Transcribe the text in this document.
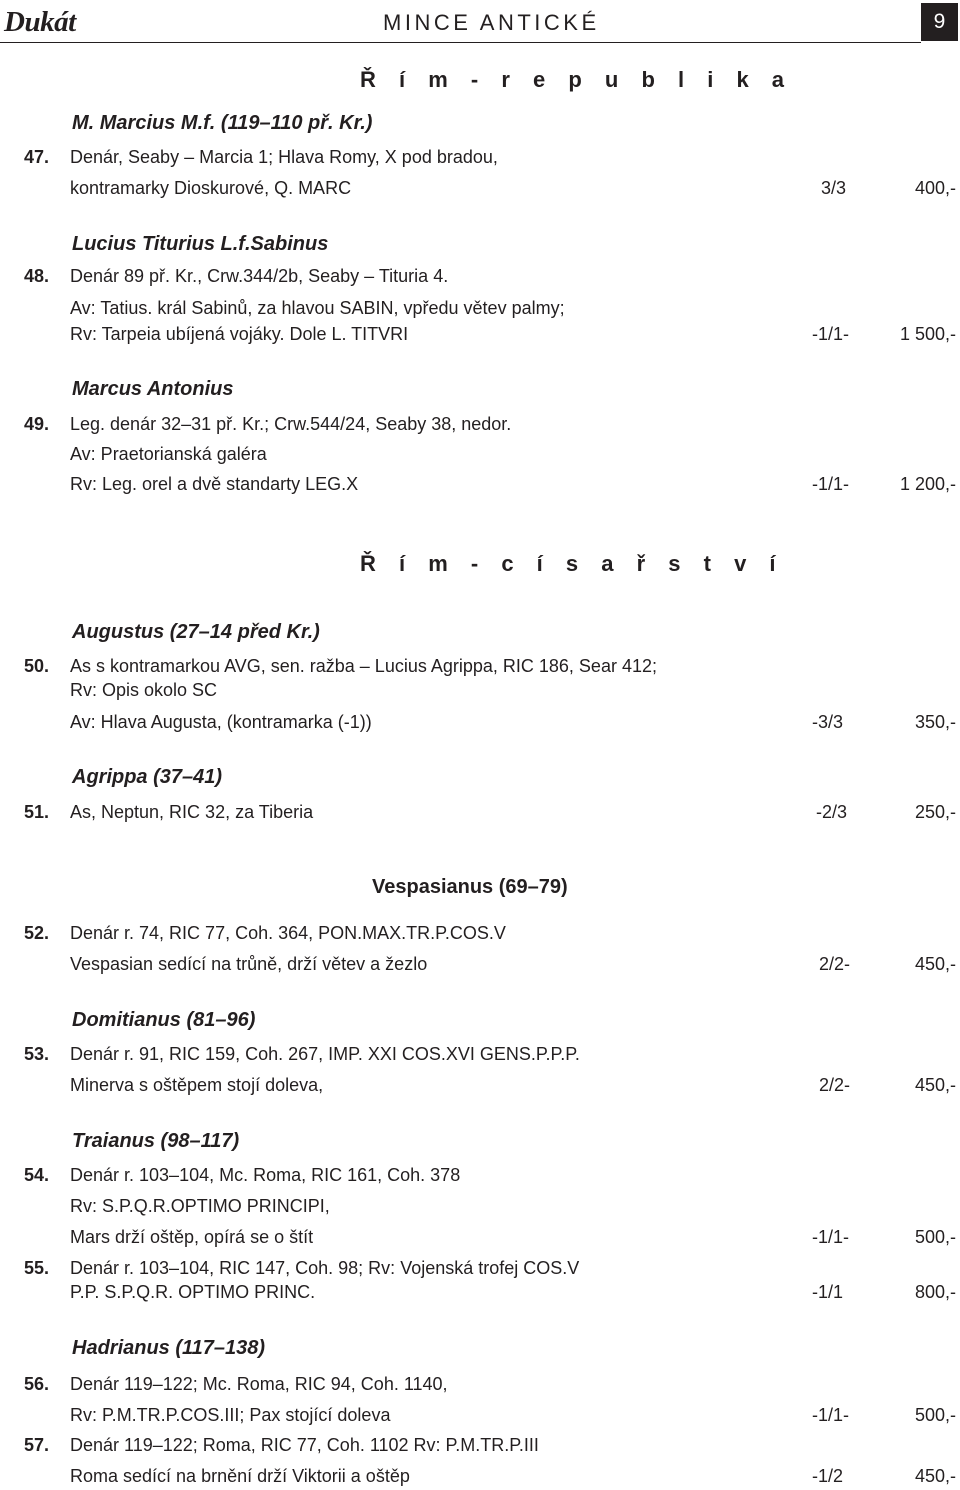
Dukát	MINCE ANTICKÉ	9
Ř í m - r e p u b l i k a
M. Marcius M.f. (119–110 př. Kr.)
47. Denár, Seaby – Marcia 1; Hlava Romy, X pod bradou,
kontramarky Dioskurové, Q. MARC	3/3	400,-
Lucius Titurius L.f.Sabinus
48. Denár 89 př. Kr., Crw.344/2b, Seaby – Tituria 4.
Av: Tatius. král Sabinů, za hlavou SABIN, vpředu větev palmy;
Rv: Tarpeia ubíjená vojáky. Dole L. TITVRI	-1/1-	1 500,-
Marcus Antonius
49. Leg. denár 32–31 př. Kr.; Crw.544/24, Seaby 38, nedor.
Av: Praetorianská galéra
Rv: Leg. orel a dvě standarty LEG.X	-1/1-	1 200,-
Ř í m - c í s a ř s t v í
Augustus (27–14 před Kr.)
50. As s kontramarkou AVG, sen. ražba – Lucius Agrippa, RIC 186, Sear 412;
Rv: Opis okolo SC
Av: Hlava Augusta, (kontramarka (-1))	-3/3	350,-
Agrippa (37–41)
51. As, Neptun, RIC 32, za Tiberia	-2/3	250,-
Vespasianus (69–79)
52. Denár r. 74, RIC 77, Coh. 364, PON.MAX.TR.P.COS.V
Vespasian sedící na trůně, drží větev a žezlo	2/2-	450,-
Domitianus (81–96)
53. Denár r. 91, RIC 159, Coh. 267, IMP. XXI COS.XVI GENS.P.P.P.
Minerva s oštěpem stojí doleva,	2/2-	450,-
Traianus (98–117)
54. Denár r. 103–104, Mc. Roma, RIC 161, Coh. 378
Rv: S.P.Q.R.OPTIMO PRINCIPI,
Mars drží oštěp, opírá se o štít	-1/1-	500,-
55. Denár r. 103–104, RIC 147, Coh. 98; Rv: Vojenská trofej COS.V
P.P. S.P.Q.R. OPTIMO PRINC.	-1/1	800,-
Hadrianus (117–138)
56. Denár 119–122; Mc. Roma, RIC 94, Coh. 1140,
Rv: P.M.TR.P.COS.III; Pax stojící doleva	-1/1-	500,-
57. Denár 119–122; Roma, RIC 77, Coh. 1102 Rv: P.M.TR.P.III
Roma sedící na brnění drží Viktorii a oštěp	-1/2	450,-
